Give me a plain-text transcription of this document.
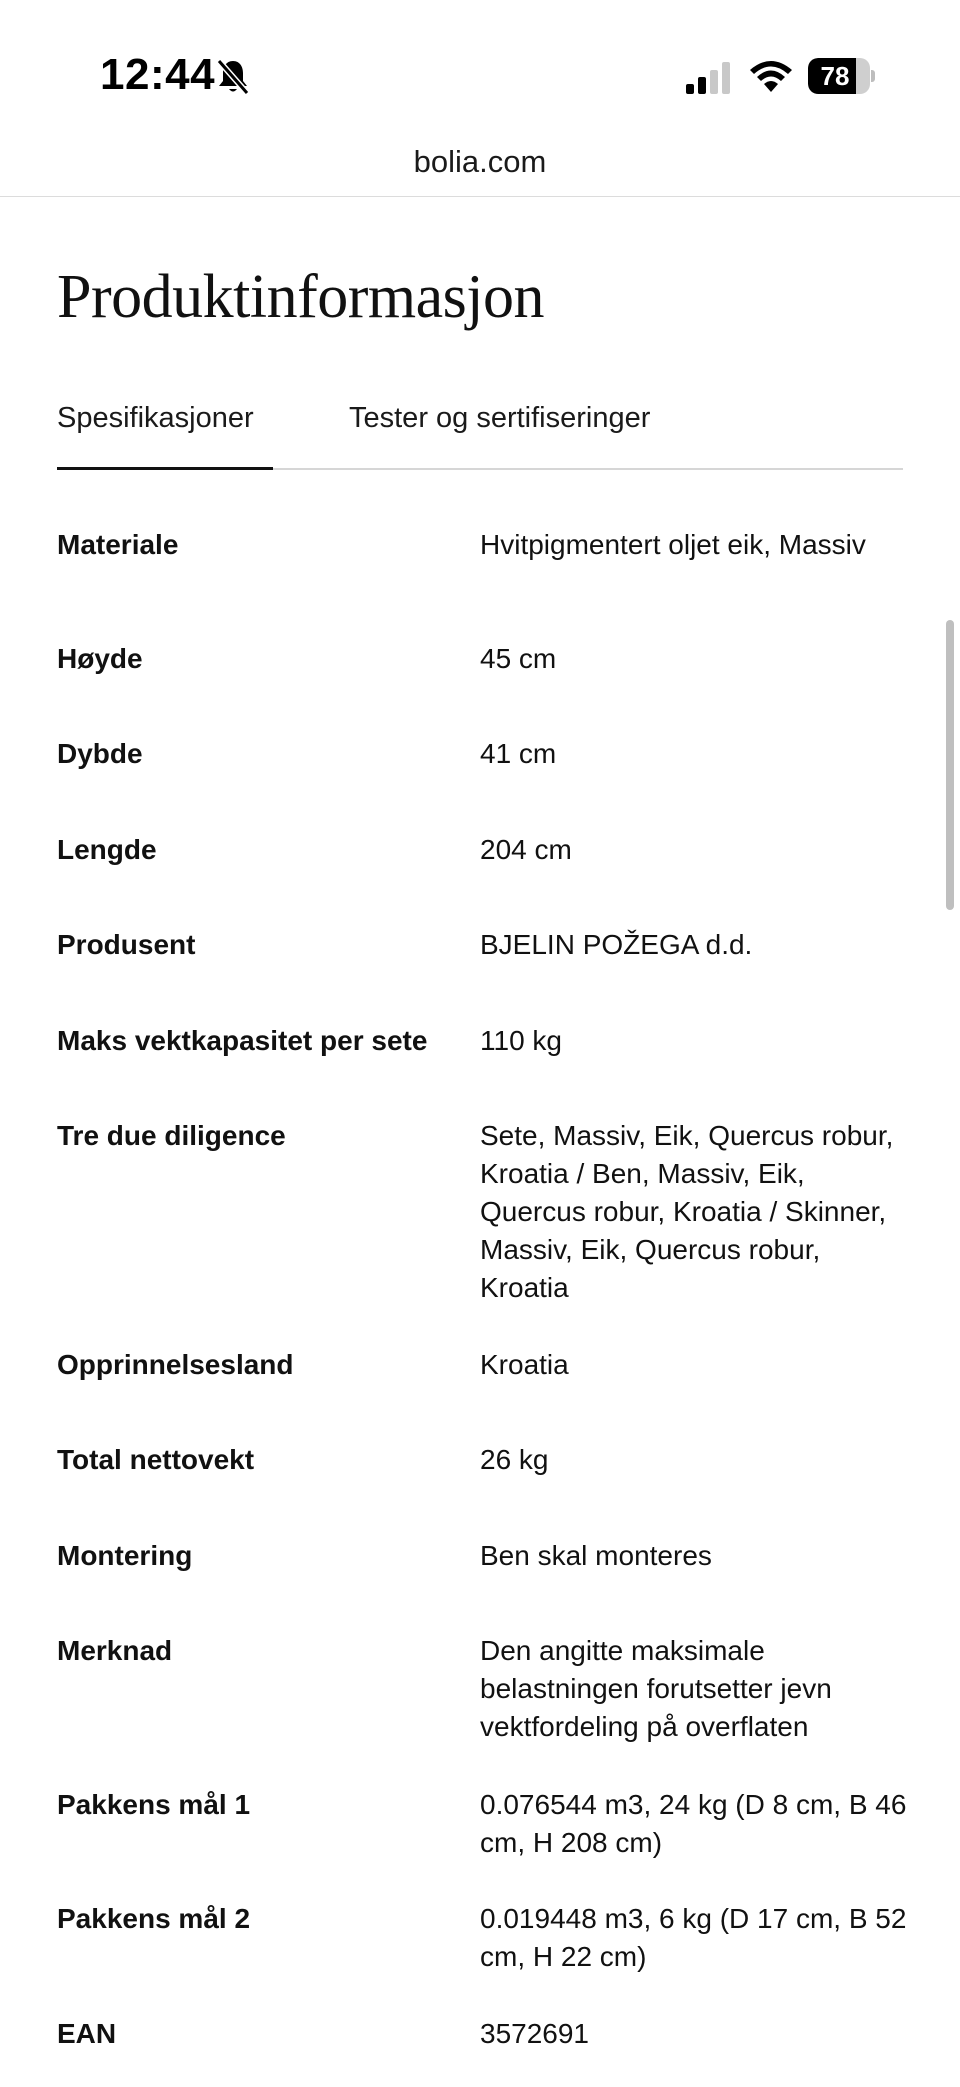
12:44	78
bolia.com
Produktinformasjon
Spesifikasjoner	Tester og sertifiseringer
Materiale	Hvitpigmentert oljet eik, Massiv
Høyde	45 cm
Dybde	41 cm
Lengde	204 cm
Produsent	BJELIN POŽEGA d.d.
Maks vektkapasitet per sete	110 kg
Tre due diligence	Sete, Massiv, Eik, Quercus robur, Kroatia / Ben, Massiv, Eik, Quercus robur, Kroatia / Skinner, Massiv, Eik, Quercus robur, Kroatia
Opprinnelsesland	Kroatia
Total nettovekt	26 kg
Montering	Ben skal monteres
Merknad	Den angitte maksimale belastningen forutsetter jevn vektfordeling på overflaten
Pakkens mål 1	0.076544 m3, 24 kg (D 8 cm, B 46 cm, H 208 cm)
Pakkens mål 2	0.019448 m3, 6 kg (D 17 cm, B 52 cm, H 22 cm)
EAN	3572691
